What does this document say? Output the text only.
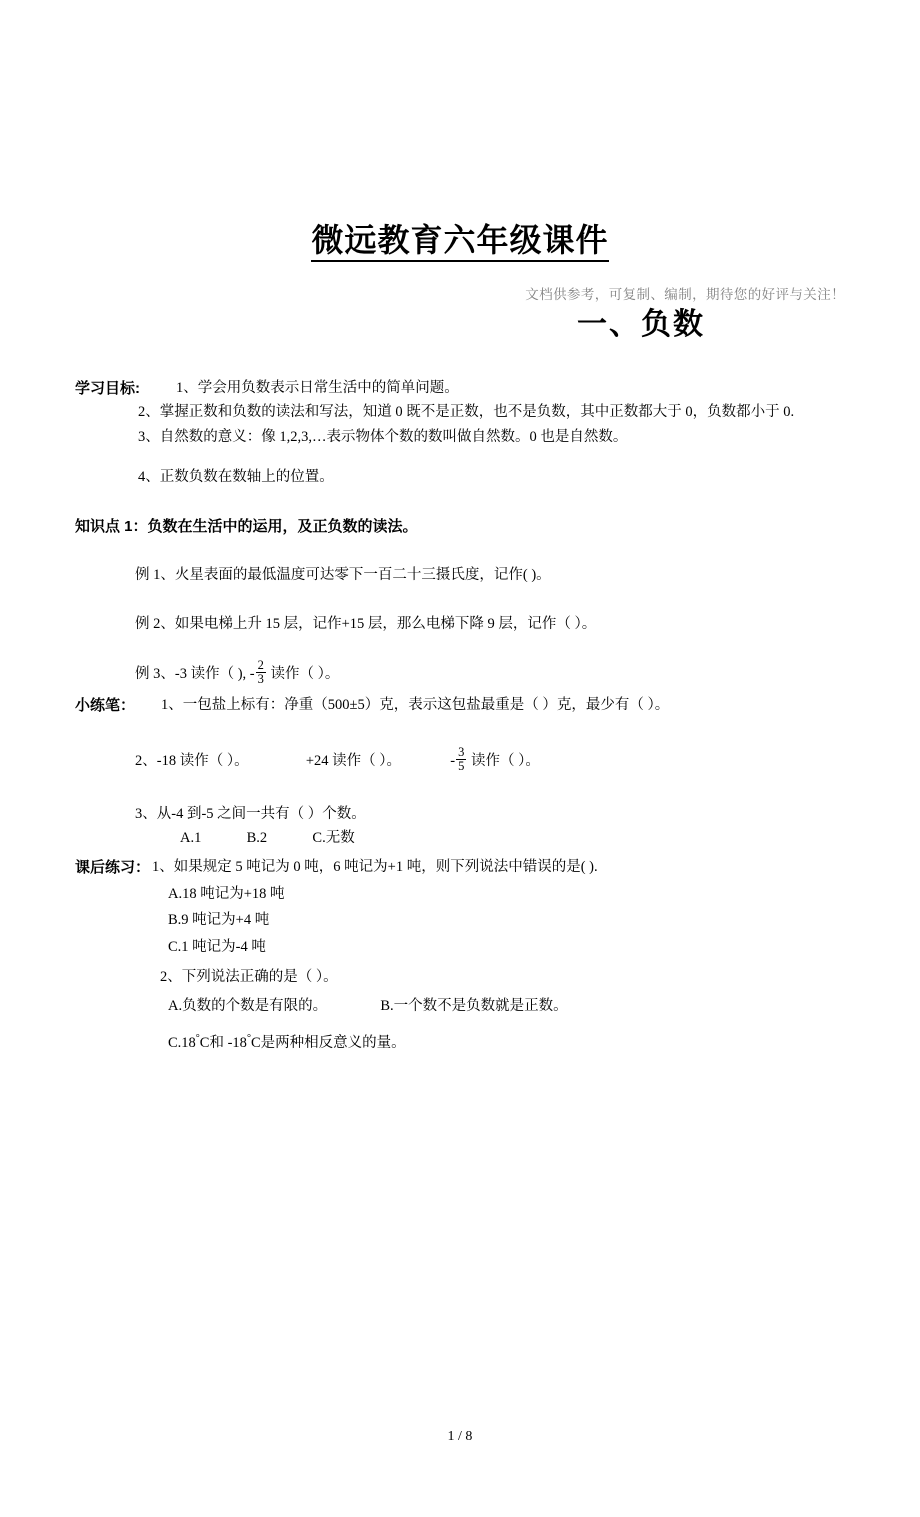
文档供参考，可复制、编制，期待您的好评与关注！
微远教育六年级课件
一、负数
学习目标:	1、学会用负数表示日常生活中的简单问题。
2、掌握正数和负数的读法和写法，知道 0 既不是正数，也不是负数，其中正数都大于 0，负数都小于 0.
3、自然数的意义：像 1,2,3,…表示物体个数的数叫做自然数。0 也是自然数。
4、正数负数在数轴上的位置。
知识点 1：负数在生活中的运用，及正负数的读法。
例 1、火星表面的最低温度可达零下一百二十三摄氏度，记作( )。
例 2、如果电梯上升 15 层，记作+15 层，那么电梯下降 9 层，记作（ ）。
例 3、-3 读作（ ), - $\frac{2}{3}$ 读作（ ）。
小练笔：	1、一包盐上标有：净重（500±5）克，表示这包盐最重是（ ）克，最少有（ ）。
2、-18 读作（ ）。	+24 读作（ ）。	- $\frac{3}{5}$ 读作（ ）。
3、从-4 到-5 之间一共有（ ）个数。
A.1	B.2	C.无数
课后练习： 1、如果规定 5 吨记为 0 吨，6 吨记为+1 吨，则下列说法中错误的是( ).
A.18 吨记为+18 吨
B.9 吨记为+4 吨
C.1 吨记为-4 吨
2、下列说法正确的是（ ）。
A.负数的个数是有限的。	B.一个数不是负数就是正数。
C.18°C和 -18°C是两种相反意义的量。
1 / 8
